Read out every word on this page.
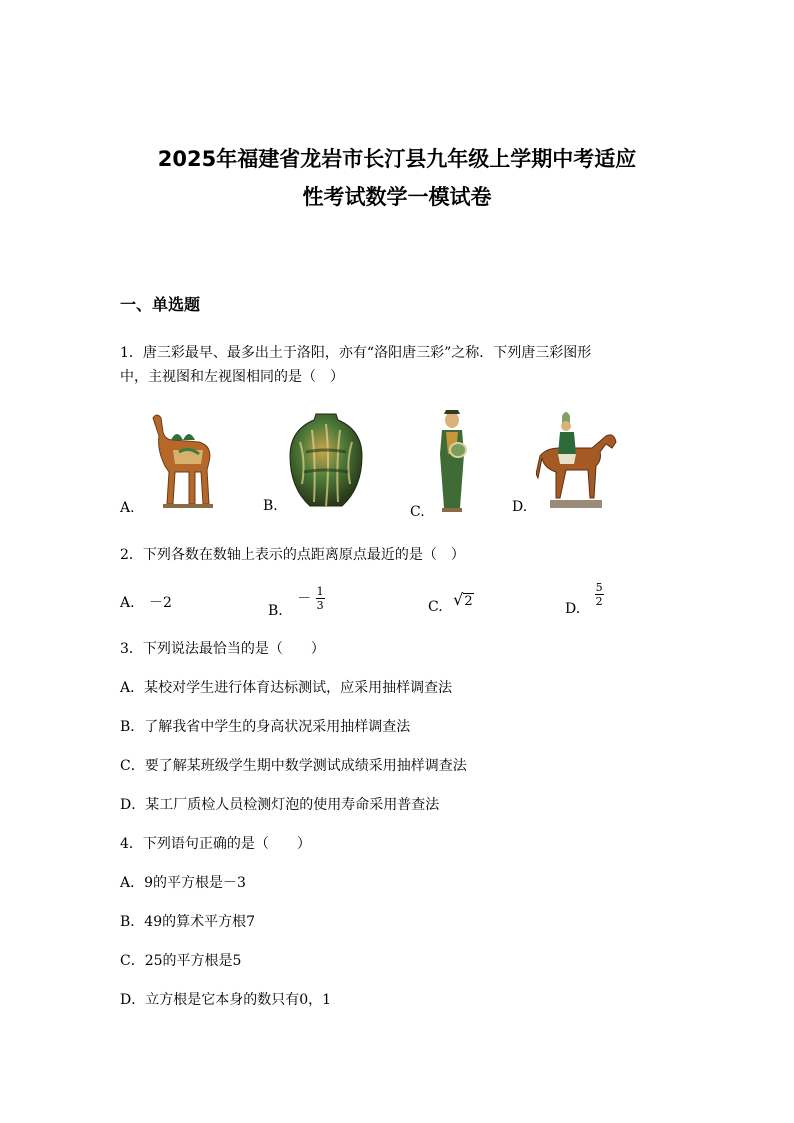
2025年福建省龙岩市长汀县九年级上学期中考适应
性考试数学一模试卷
一、单选题
1．唐三彩最早、最多出土于洛阳，亦有“洛阳唐三彩”之称．下列唐三彩图形
中，主视图和左视图相同的是（　）
A.	B.	C.	D.
2．下列各数在数轴上表示的点距离原点最近的是（　）
A. －2	B. － $\frac{1}{3}$	C. √2	D.
$\frac{5}{2}$
3．下列说法最恰当的是（　　）
A．某校对学生进行体育达标测试，应采用抽样调查法
B．了解我省中学生的身高状况采用抽样调查法
C．要了解某班级学生期中数学测试成绩采用抽样调查法
D．某工厂质检人员检测灯泡的使用寿命采用普查法
4．下列语句正确的是（　　）
A．9的平方根是－3
B．49的算术平方根7
C．25的平方根是5
D．立方根是它本身的数只有0，1
